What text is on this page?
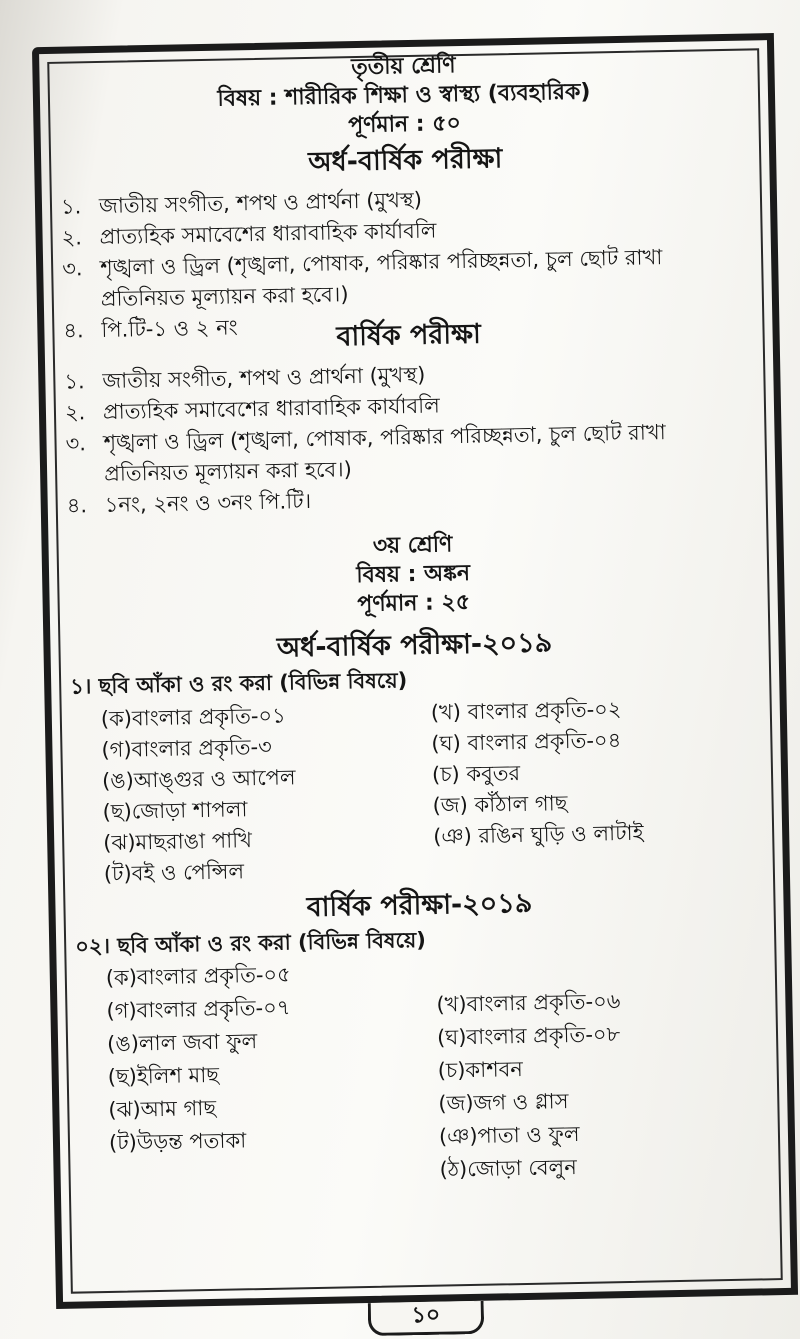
তৃতীয় শ্রেণি
বিষয় : শারীরিক শিক্ষা ও স্বাস্থ্য (ব্যবহারিক)
পূর্ণমান : ৫০
অর্ধ-বার্ষিক পরীক্ষা
১. জাতীয় সংগীত, শপথ ও প্রার্থনা (মুখস্থ)
২. প্রাত্যহিক সমাবেশের ধারাবাহিক কার্যাবলি
৩. শৃঙ্খলা ও ড্রিল (শৃঙ্খলা, পোষাক, পরিষ্কার পরিচ্ছন্নতা, চুল ছোট রাখা
প্রতিনিয়ত মূল্যায়ন করা হবে।)
৪. পি.টি-১ ও ২ নং	বার্ষিক পরীক্ষা
১. জাতীয় সংগীত, শপথ ও প্রার্থনা (মুখস্থ)
২. প্রাত্যহিক সমাবেশের ধারাবাহিক কার্যাবলি
৩. শৃঙ্খলা ও ড্রিল (শৃঙ্খলা, পোষাক, পরিষ্কার পরিচ্ছন্নতা, চুল ছোট রাখা
প্রতিনিয়ত মূল্যায়ন করা হবে।)
৪. ১নং, ২নং ও ৩নং পি.টি।
৩য় শ্রেণি
বিষয় : অঙ্কন
পূর্ণমান : ২৫
অর্ধ-বার্ষিক পরীক্ষা-২০১৯
১। ছবি আঁকা ও রং করা (বিভিন্ন বিষয়ে)
(ক)বাংলার প্রকৃতি-০১	(খ) বাংলার প্রকৃতি-০২
(গ)বাংলার প্রকৃতি-৩	(ঘ) বাংলার প্রকৃতি-০৪
(ঙ)আঙ্গুর ও আপেল	(চ) কবুতর
(ছ)জোড়া শাপলা	(জ) কাঁঠাল গাছ
(ঝ)মাছরাঙা পাখি	(ঞ) রঙিন ঘুড়ি ও লাটাই
(ট)বই ও পেন্সিল
বার্ষিক পরীক্ষা-২০১৯
০২। ছবি আঁকা ও রং করা (বিভিন্ন বিষয়ে)
(ক)বাংলার প্রকৃতি-০৫
(গ)বাংলার প্রকৃতি-০৭	(খ)বাংলার প্রকৃতি-০৬
(ঙ)লাল জবা ফুল	(ঘ)বাংলার প্রকৃতি-০৮
(ছ)ইলিশ মাছ	(চ)কাশবন
(ঝ)আম গাছ	(জ)জগ ও গ্লাস
(ট)উড়ন্ত পতাকা	(ঞ)পাতা ও ফুল
(ঠ)জোড়া বেলুন
১০
